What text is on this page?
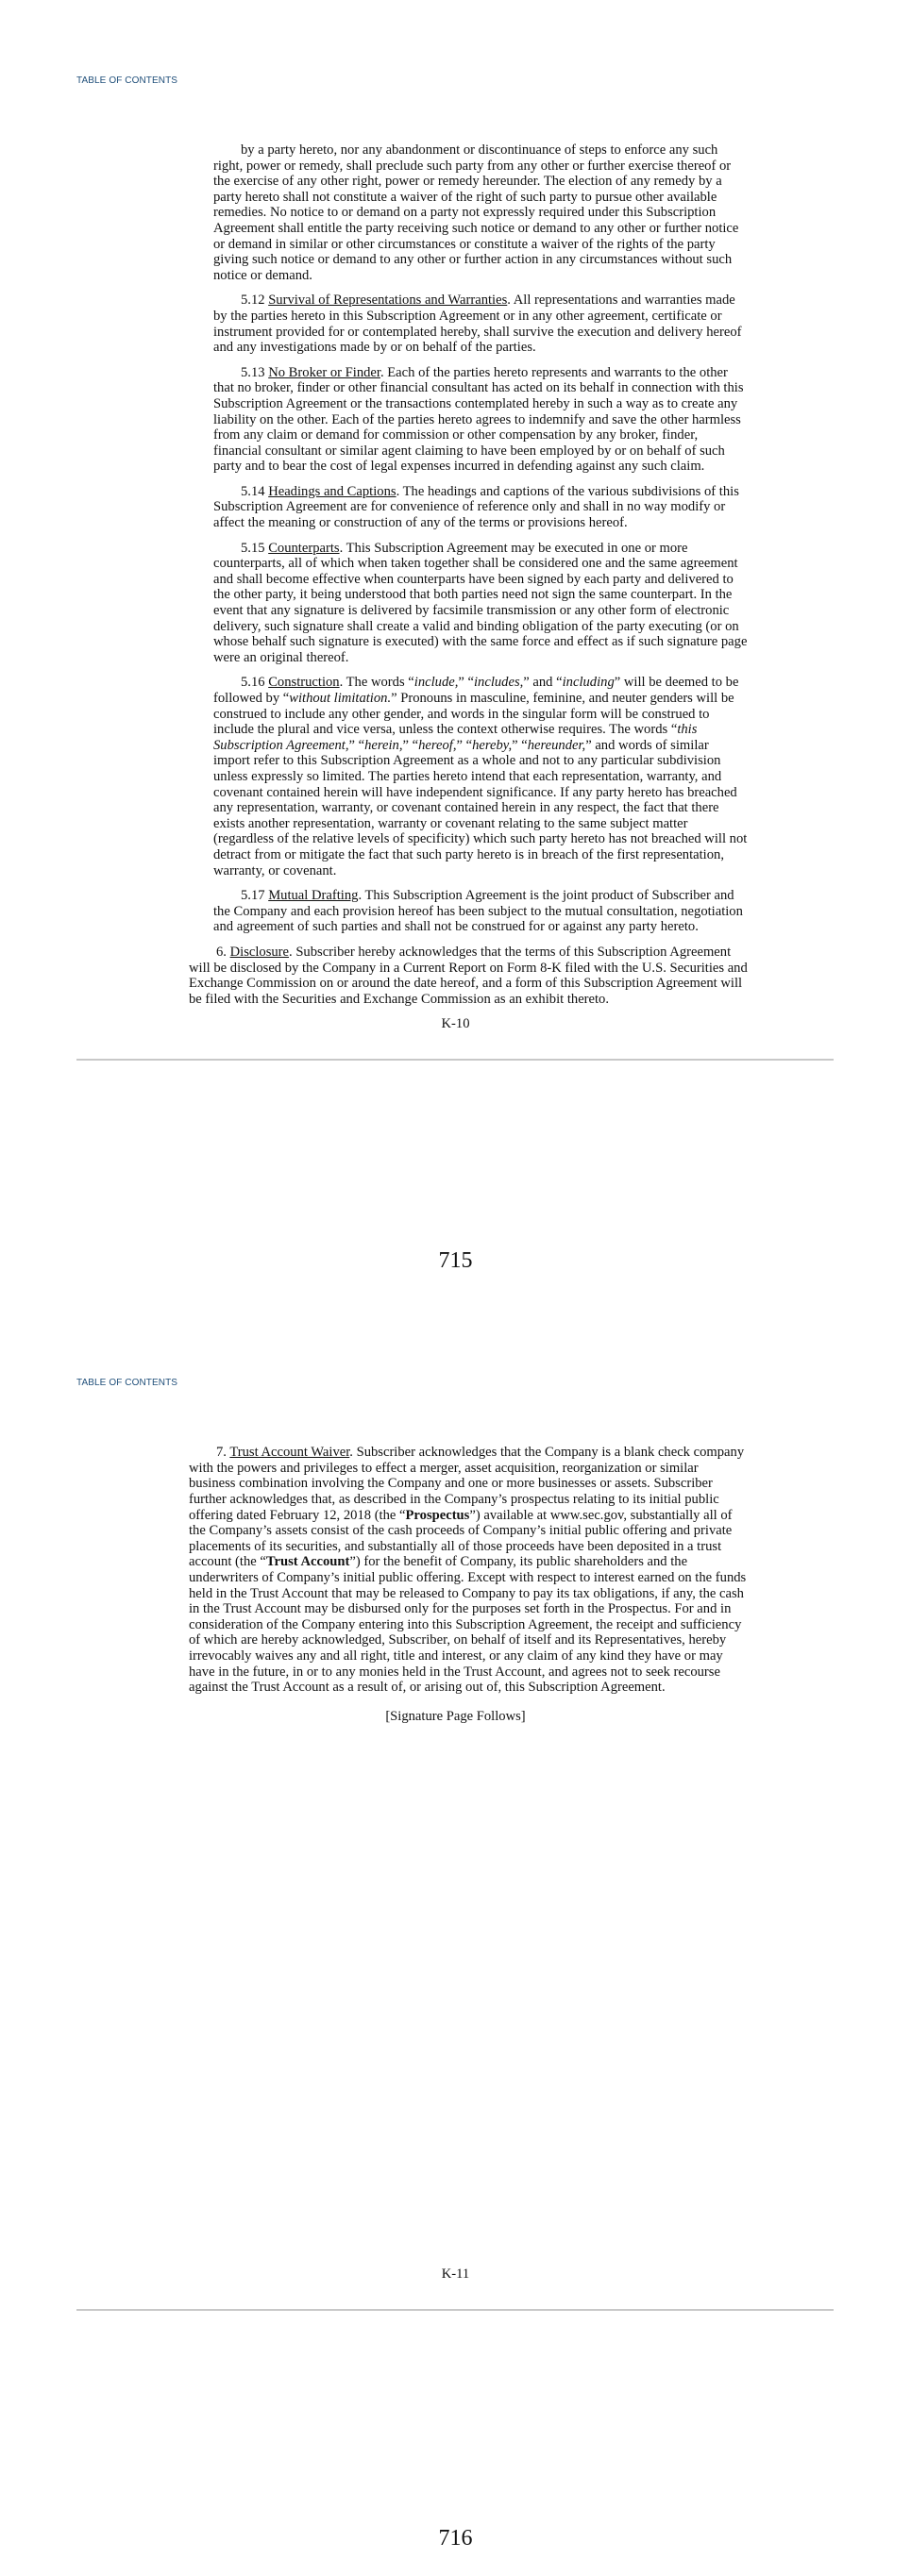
TABLE OF CONTENTS

by a party hereto, nor any abandonment or discontinuance of steps to enforce any such right, power or remedy, shall preclude such party from any other or further exercise thereof or the exercise of any other right, power or remedy hereunder. The election of any remedy by a party hereto shall not constitute a waiver of the right of such party to pursue other available remedies. No notice to or demand on a party not expressly required under this Subscription Agreement shall entitle the party receiving such notice or demand to any other or further notice or demand in similar or other circumstances or constitute a waiver of the rights of the party giving such notice or demand to any other or further action in any circumstances without such notice or demand.

5.12 Survival of Representations and Warranties. All representations and warranties made by the parties hereto in this Subscription Agreement or in any other agreement, certificate or instrument provided for or contemplated hereby, shall survive the execution and delivery hereof and any investigations made by or on behalf of the parties.

5.13 No Broker or Finder. Each of the parties hereto represents and warrants to the other that no broker, finder or other financial consultant has acted on its behalf in connection with this Subscription Agreement or the transactions contemplated hereby in such a way as to create any liability on the other. Each of the parties hereto agrees to indemnify and save the other harmless from any claim or demand for commission or other compensation by any broker, finder, financial consultant or similar agent claiming to have been employed by or on behalf of such party and to bear the cost of legal expenses incurred in defending against any such claim.

5.14 Headings and Captions. The headings and captions of the various subdivisions of this Subscription Agreement are for convenience of reference only and shall in no way modify or affect the meaning or construction of any of the terms or provisions hereof.

5.15 Counterparts. This Subscription Agreement may be executed in one or more counterparts, all of which when taken together shall be considered one and the same agreement and shall become effective when counterparts have been signed by each party and delivered to the other party, it being understood that both parties need not sign the same counterpart. In the event that any signature is delivered by facsimile transmission or any other form of electronic delivery, such signature shall create a valid and binding obligation of the party executing (or on whose behalf such signature is executed) with the same force and effect as if such signature page were an original thereof.

5.16 Construction. The words “include,” “includes,” and “including” will be deemed to be followed by “without limitation.” Pronouns in masculine, feminine, and neuter genders will be construed to include any other gender, and words in the singular form will be construed to include the plural and vice versa, unless the context otherwise requires. The words “this Subscription Agreement,” “herein,” “hereof,” “hereby,” “hereunder,” and words of similar import refer to this Subscription Agreement as a whole and not to any particular subdivision unless expressly so limited. The parties hereto intend that each representation, warranty, and covenant contained herein will have independent significance. If any party hereto has breached any representation, warranty, or covenant contained herein in any respect, the fact that there exists another representation, warranty or covenant relating to the same subject matter (regardless of the relative levels of specificity) which such party hereto has not breached will not detract from or mitigate the fact that such party hereto is in breach of the first representation, warranty, or covenant.

5.17 Mutual Drafting. This Subscription Agreement is the joint product of Subscriber and the Company and each provision hereof has been subject to the mutual consultation, negotiation and agreement of such parties and shall not be construed for or against any party hereto.

6. Disclosure. Subscriber hereby acknowledges that the terms of this Subscription Agreement will be disclosed by the Company in a Current Report on Form 8-K filed with the U.S. Securities and Exchange Commission on or around the date hereof, and a form of this Subscription Agreement will be filed with the Securities and Exchange Commission as an exhibit thereto.

K-10
715
TABLE OF CONTENTS

7. Trust Account Waiver. Subscriber acknowledges that the Company is a blank check company with the powers and privileges to effect a merger, asset acquisition, reorganization or similar business combination involving the Company and one or more businesses or assets. Subscriber further acknowledges that, as described in the Company’s prospectus relating to its initial public offering dated February 12, 2018 (the “Prospectus”) available at www.sec.gov, substantially all of the Company’s assets consist of the cash proceeds of Company’s initial public offering and private placements of its securities, and substantially all of those proceeds have been deposited in a trust account (the “Trust Account”) for the benefit of Company, its public shareholders and the underwriters of Company’s initial public offering. Except with respect to interest earned on the funds held in the Trust Account that may be released to Company to pay its tax obligations, if any, the cash in the Trust Account may be disbursed only for the purposes set forth in the Prospectus. For and in consideration of the Company entering into this Subscription Agreement, the receipt and sufficiency of which are hereby acknowledged, Subscriber, on behalf of itself and its Representatives, hereby irrevocably waives any and all right, title and interest, or any claim of any kind they have or may have in the future, in or to any monies held in the Trust Account, and agrees not to seek recourse against the Trust Account as a result of, or arising out of, this Subscription Agreement.

[Signature Page Follows]
K-11
716
